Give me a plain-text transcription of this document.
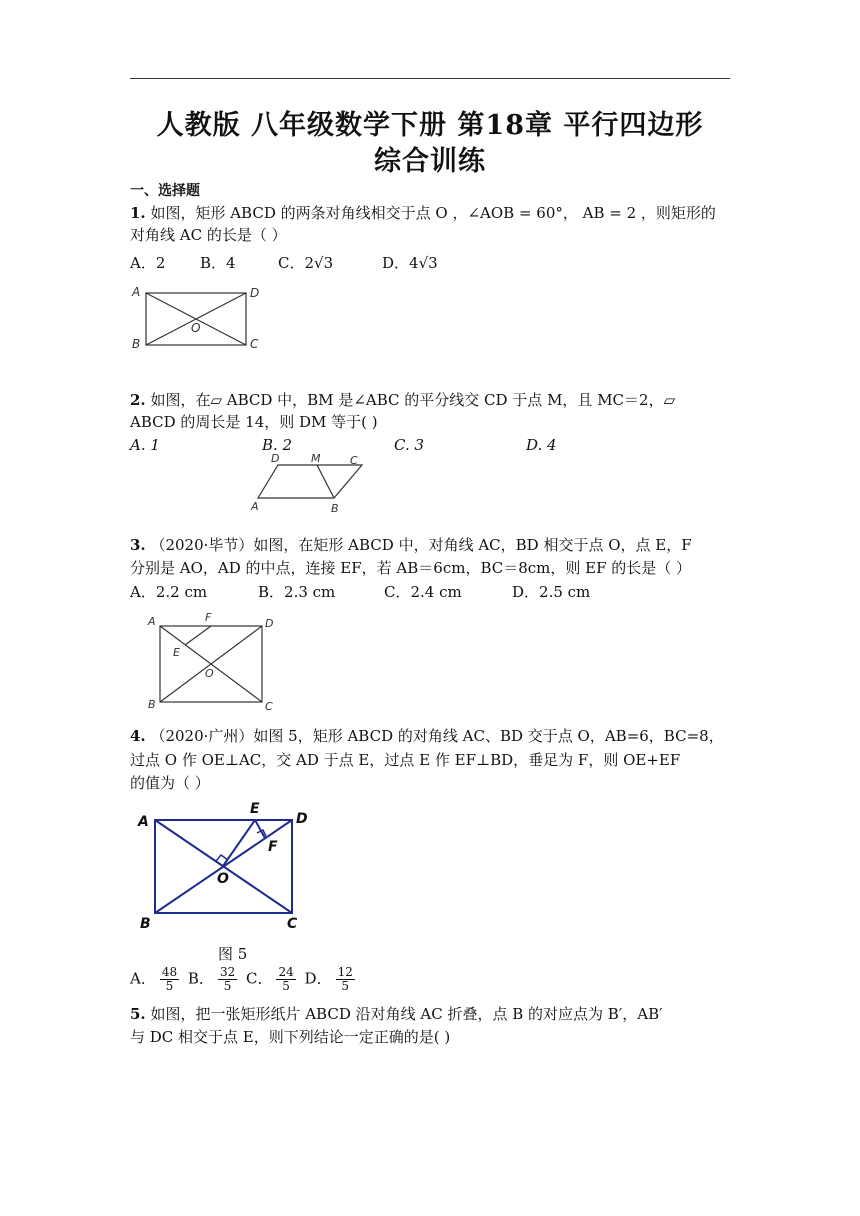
人教版 八年级数学下册 第18章 平行四边形
综合训练
一、选择题
1. 如图，矩形 ABCD 的两条对角线相交于点 O ，∠AOB = 60°， AB = 2 ，则矩形的
对角线 AC 的长是（ ）
A．2 B．4	C．2√3	D．4√3
A	D
O
B	C
2. 如图，在▱ ABCD 中，BM 是∠ABC 的平分线交 CD 于点 M，且 MC＝2，▱
ABCD 的周长是 14，则 DM 等于( )
A. 1	B. 2	C. 3	D. 4
D	M	C
A	B
3. （2020·毕节）如图，在矩形 ABCD 中，对角线 AC，BD 相交于点 O，点 E，F
分别是 AO，AD 的中点，连接 EF，若 AB＝6cm，BC＝8cm，则 EF 的长是（ ）
A．2.2 cm	B．2.3 cm	C．2.4 cm	D．2.5 cm
A	F	D
E
O
B	C
4. （2020·广州）如图 5，矩形 ABCD 的对角线 AC、BD 交于点 O，AB=6，BC=8，
过点 O 作 OE⊥AC，交 AD 于点 E，过点 E 作 EF⊥BD，垂足为 F，则 OE+EF
的值为（ ）
E
A	D
F
O
B	C
图 5
A． $\frac{48}{5}$ B． $\frac{32}{5}$ C． $\frac{24}{5}$ D． $\frac{12}{5}$
5. 如图，把一张矩形纸片 ABCD 沿对角线 AC 折叠，点 B 的对应点为 B′，AB′
与 DC 相交于点 E，则下列结论一定正确的是( )
